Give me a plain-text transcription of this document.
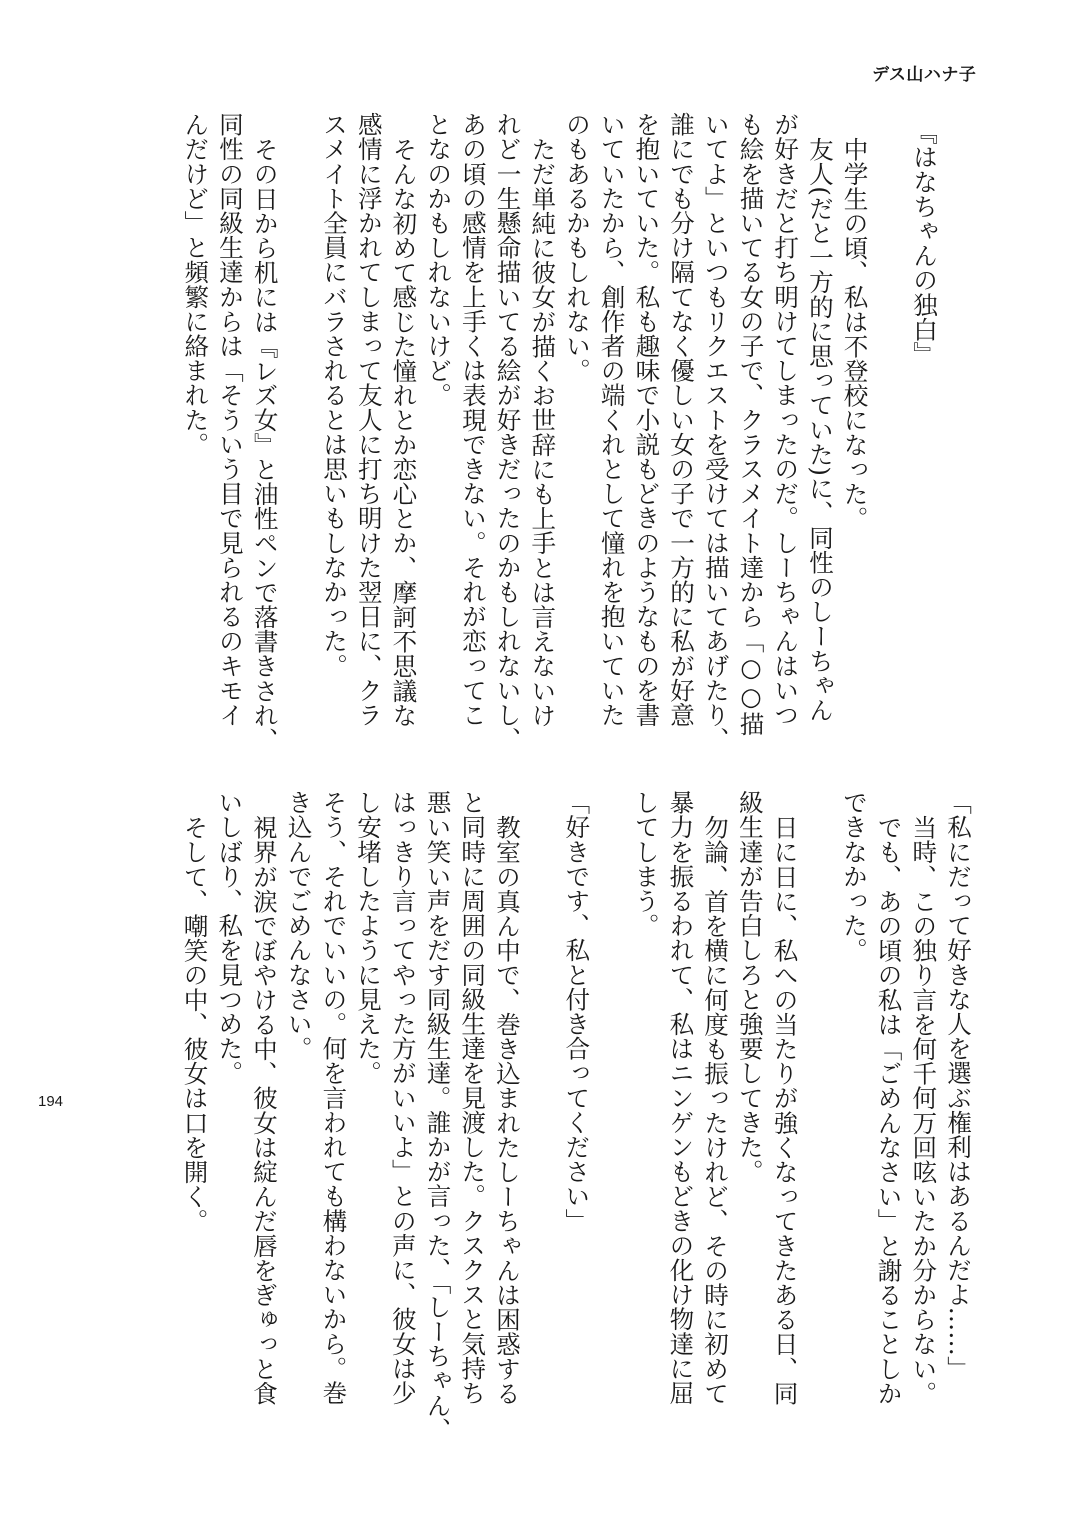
デス山ハナ子

『はなちゃんの独白』

中学生の頃、私は不登校になった。

友人(だと一方的に思っていた)に、同性のしーちゃん

が好きだと打ち明けてしまったのだ。しーちゃんはいつ

も絵を描いてる女の子で、クラスメイト達から「○○描

いてよ」といつもリクエストを受けては描いてあげたり、

誰にでも分け隔てなく優しい女の子で一方的に私が好意

を抱いていた。私も趣味で小説もどきのようなものを書

いていたから、創作者の端くれとして憧れを抱いていた

のもあるかもしれない。

ただ単純に彼女が描くお世辞にも上手とは言えないけ

れど一生懸命描いてる絵が好きだったのかもしれないし、

あの頃の感情を上手くは表現できない。それが恋ってこ

となのかもしれないけど。

そんな初めて感じた憧れとか恋心とか、摩訶不思議な

感情に浮かれてしまって友人に打ち明けた翌日に、クラ

スメイト全員にバラされるとは思いもしなかった。

その日から机には『レズ女』と油性ペンで落書きされ、

同性の同級生達からは「そういう目で見られるのキモイ

んだけど」と頻繁に絡まれた。

「私にだって好きな人を選ぶ権利はあるんだよ……」

当時、この独り言を何千何万回呟いたか分からない。

でも、あの頃の私は「ごめんなさい」と謝ることしか

できなかった。

日に日に、私への当たりが強くなってきたある日、同

級生達が告白しろと強要してきた。

勿論、首を横に何度も振ったけれど、その時に初めて

暴力を振るわれて、私はニンゲンもどきの化け物達に屈

してしまう。

「好きです、私と付き合ってください」

教室の真ん中で、巻き込まれたしーちゃんは困惑する

と同時に周囲の同級生達を見渡した。クスクスと気持ち

悪い笑い声をだす同級生達。誰かが言った、「しーちゃん、

はっきり言ってやった方がいいよ」との声に、彼女は少

し安堵したように見えた。

そう、それでいいの。何を言われても構わないから。巻

き込んでごめんなさい。

視界が涙でぼやける中、彼女は綻んだ唇をぎゅっと食

いしばり、私を見つめた。

そして、嘲笑の中、彼女は口を開く。

194
